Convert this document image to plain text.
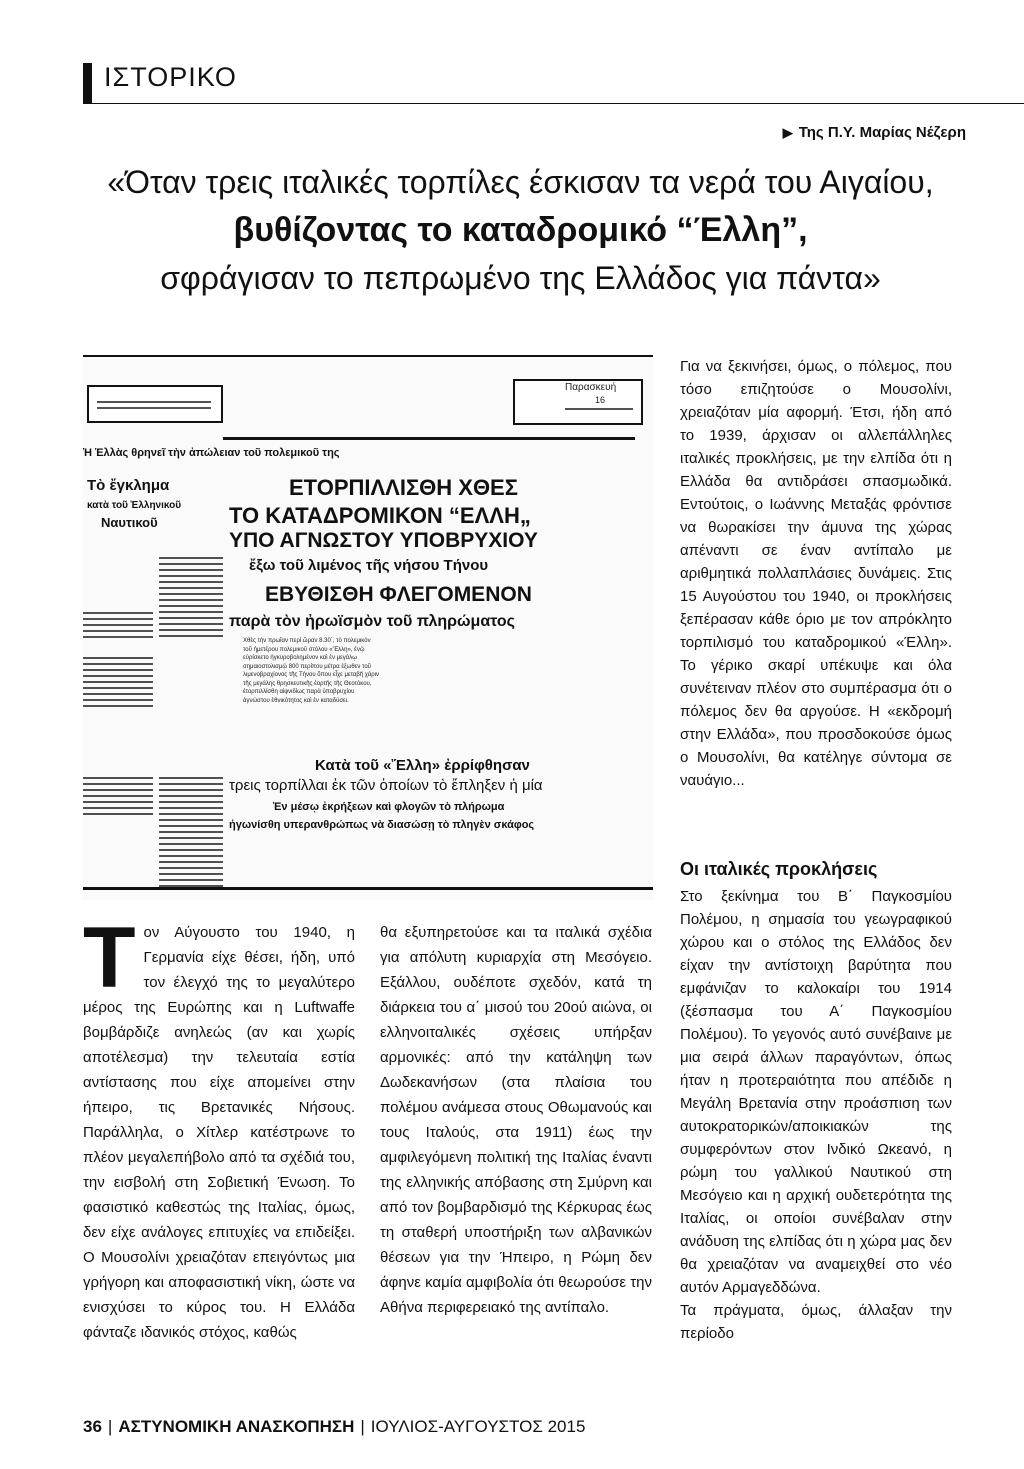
ΙΣΤΟΡΙΚΟ
▶ Της Π.Υ. Μαρίας Νέζερη
«Όταν τρεις ιταλικές τορπίλες έσκισαν τα νερά του Αιγαίου,
βυθίζοντας το καταδρομικό “Έλλη”,
σφράγισαν το πεπρωμένο της Ελλάδος για πάντα»
Παρασκευή
16
Ἡ Ἑλλὰς θρηνεῖ τὴν ἀπώλειαν τοῦ πολεμικοῦ της
Τὸ ἔγκλημα
κατὰ τοῦ Ἑλληνικοῦ
Ναυτικοῦ
ΕΤΟΡΠΙΛΛΙΣΘΗ ΧΘΕΣ
ΤΟ ΚΑΤΑΔΡΟΜΙΚΟΝ “ΕΛΛΗ„
ΥΠΟ ΑΓΝΩΣΤΟΥ ΥΠΟΒΡΥΧΙΟΥ
ἔξω τοῦ λιμένος τῆς νήσου Τήνου
ΕΒΥΘΙΣΘΗ ΦΛΕΓΟΜΕΝΟΝ
παρὰ τὸν ἠρωϊσμὸν τοῦ πληρώματος
Χθὲς τὴν πρωΐαν περὶ ὥραν 8.30΄, τὸ πολεμικὸν τοῦ ἡμετέρου πολεμικοῦ στόλου «Ἔλλη», ἐνῷ εὑρίσκετο ἠγκυροβολημένον καὶ ἐν μεγάλῳ σημαιοστολισμῷ 800 περίπου μέτρα ἐξωθεν τοῦ λιμενοβραχίονος τῆς Τήνου ὅπου εἶχε μεταβῆ χάριν τῆς μεγάλης θρησκευτικῆς ἑορτῆς τῆς Θεοτόκου, ἐτορπιλλίσθη αἰφνιδίως παρὰ ὑποβρυχίου ἀγνώστου ἐθνικότητος καὶ ἐν καταδύσει.
Κατὰ τοῦ «Ἔλλη» ἐρρίφθησαν
τρεις τορπίλλαι ἐκ τῶν ὁποίων τὸ ἔπληξεν ἡ μία
Ἐν μέσῳ ἐκρήξεων καὶ φλογῶν τὸ πλήρωμα
ἠγωνίσθη υπερανθρώπως νὰ διασώσῃ τὸ πληγὲν σκάφος
Τον Αύγουστο του 1940, η Γερμανία είχε θέσει, ήδη, υπό τον έλεγχό της το μεγαλύτερο μέρος της Ευρώπης και η Luftwaffe βομβάρδιζε ανηλεώς (αν και χωρίς αποτέλεσμα) την τελευταία εστία αντίστασης που είχε απομείνει στην ήπειρο, τις Βρετανικές Νήσους. Παράλληλα, ο Χίτλερ κατέστρωνε το πλέον μεγαλεπήβολο από τα σχέδιά του, την εισβολή στη Σοβιετική Ένωση. Το φασιστικό καθεστώς της Ιταλίας, όμως, δεν είχε ανάλογες επιτυχίες να επιδείξει. Ο Μουσολίνι χρειαζόταν επειγόντως μια γρήγορη και αποφασιστική νίκη, ώστε να ενισχύσει το κύρος του. Η Ελλάδα φάνταζε ιδανικός στόχος, καθώς
θα εξυπηρετούσε και τα ιταλικά σχέδια για απόλυτη κυριαρχία στη Μεσόγειο. Εξάλλου, ουδέποτε σχεδόν, κατά τη διάρκεια του α΄ μισού του 20ού αιώνα, οι ελληνοιταλικές σχέσεις υπήρξαν αρμονικές: από την κατάληψη των Δωδεκανήσων (στα πλαίσια του πολέμου ανάμεσα στους Οθωμανούς και τους Ιταλούς, στα 1911) έως την αμφιλεγόμενη πολιτική της Ιταλίας έναντι της ελληνικής απόβασης στη Σμύρνη και από τον βομβαρδισμό της Κέρκυρας έως τη σταθερή υποστήριξη των αλβανικών θέσεων για την Ήπειρο, η Ρώμη δεν άφηνε καμία αμφιβολία ότι θεωρούσε την Αθήνα περιφερειακό της αντίπαλο.
Για να ξεκινήσει, όμως, ο πόλεμος, που τόσο επιζητούσε ο Μουσολίνι, χρειαζόταν μία αφορμή. Έτσι, ήδη από το 1939, άρχισαν οι αλλεπάλληλες ιταλικές προκλήσεις, με την ελπίδα ότι η Ελλάδα θα αντιδράσει σπασμωδικά. Εντούτοις, ο Ιωάννης Μεταξάς φρόντισε να θωρακίσει την άμυνα της χώρας απέναντι σε έναν αντίπαλο με αριθμητικά πολλαπλάσιες δυνάμεις. Στις 15 Αυγούστου του 1940, οι προκλήσεις ξεπέρασαν κάθε όριο με τον απρόκλητο τορπιλισμό του καταδρομικού «Έλλη». Το γέρικο σκαρί υπέκυψε και όλα συνέτειναν πλέον στο συμπέρασμα ότι ο πόλεμος δεν θα αργούσε. Η «εκδρομή στην Ελλάδα», που προσδοκούσε όμως ο Μουσολίνι, θα κατέληγε σύντομα σε ναυάγιο...
Οι ιταλικές προκλήσεις
Στο ξεκίνημα του Β΄ Παγκοσμίου Πολέμου, η σημασία του γεωγραφικού χώρου και ο στόλος της Ελλάδος δεν είχαν την αντίστοιχη βαρύτητα που εμφάνιζαν το καλοκαίρι του 1914 (ξέσπασμα του Α΄ Παγκοσμίου Πολέμου). Το γεγονός αυτό συνέβαινε με μια σειρά άλλων παραγόντων, όπως ήταν η προτεραιότητα που απέδιδε η Μεγάλη Βρετανία στην προάσπιση των αυτοκρατορικών/αποικιακών της συμφερόντων στον Ινδικό Ωκεανό, η ρώμη του γαλλικού Ναυτικού στη Μεσόγειο και η αρχική ουδετερότητα της Ιταλίας, οι οποίοι συνέβαλαν στην ανάδυση της ελπίδας ότι η χώρα μας δεν θα χρειαζόταν να αναμειχθεί στο νέο αυτόν Αρμαγεδδώνα.
Τα πράγματα, όμως, άλλαξαν την περίοδο
36 | ΑΣΤΥΝΟΜΙΚΗ ΑΝΑΣΚΟΠΗΣΗ | ΙΟΥΛΙΟΣ-ΑΥΓΟΥΣΤΟΣ 2015
